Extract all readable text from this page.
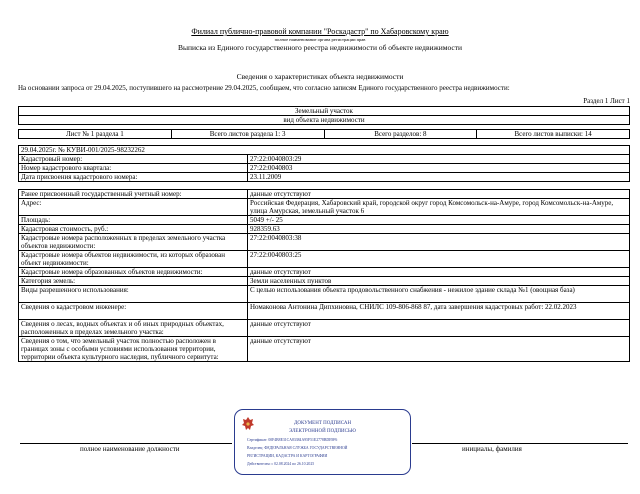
Филиал публично-правовой компании "Роскадастр" по Хабаровскому краю
полное наименование органа регистрации прав
Выписка из Единого государственного реестра недвижимости об объекте недвижимости
Сведения о характеристиках объекта недвижимости
На основании запроса от 29.04.2025, поступившего на рассмотрение 29.04.2025, сообщаем, что согласно записям Единого государственного реестра недвижимости:
Раздел 1 Лист 1
Земельный участок
вид объекта недвижимости
Лист № 1 раздела 1	Всего листов раздела 1: 3	Всего разделов: 8	Всего листов выписки: 14
29.04.2025г. № КУВИ-001/2025-98232262	
Кадастровый номер:	27:22:0040803:29
Номер кадастрового квартала:	27:22:0040803
Дата присвоения кадастрового номера:	23.11.2009
Ранее присвоенный государственный учетный номер:	данные отсутствуют
Адрес:	Российская Федерация, Хабаровский край, городской округ город Комсомольск-на-Амуре, город Комсомольск-на-Амуре, улица Амурская, земельный участок 6
Площадь:	5049 +/- 25
Кадастровая стоимость, руб.:	928359.63
Кадастровые номера расположенных в пределах земельного участка объектов недвижимости:	27:22:0040803:38
Кадастровые номера объектов недвижимости, из которых образован объект недвижимости:	27:22:0040803:25
Кадастровые номера образованных объектов недвижимости:	данные отсутствуют
Категория земель:	Земли населенных пунктов
Виды разрешенного использования:	С целью использования объекта продовольственного снабжения - нежилое здание склада №1 (овощная база)
Сведения о кадастровом инженере:	Номаконова Антонина Дипхиновна, СНИЛС 109-806-868 87, дата завершения кадастровых работ: 22.02.2023
Сведения о лесах, водных объектах и об иных природных объектах, расположенных в пределах земельного участка:	данные отсутствуют
Сведения о том, что земельный участок полностью расположен в границах зоны с особыми условиями использования территории, территории объекта культурного наследия, публичного сервитута:	данные отсутствуют
полное наименование должности	инициалы, фамилия
ДОКУМЕНТ ПОДПИСАН
ЭЛЕКТРОННОЙ ПОДПИСЬЮ
Сертификат: 00F4B8E31CA83384A95F51E2778BDE9F6
Владелец: ФЕДЕРАЛЬНАЯ СЛУЖБА ГОСУДАРСТВЕННОЙ
РЕГИСТРАЦИИ, КАДАСТРА И КАРТОГРАФИИ
Действителен: с 02.08.2024 по 26.10.2025
